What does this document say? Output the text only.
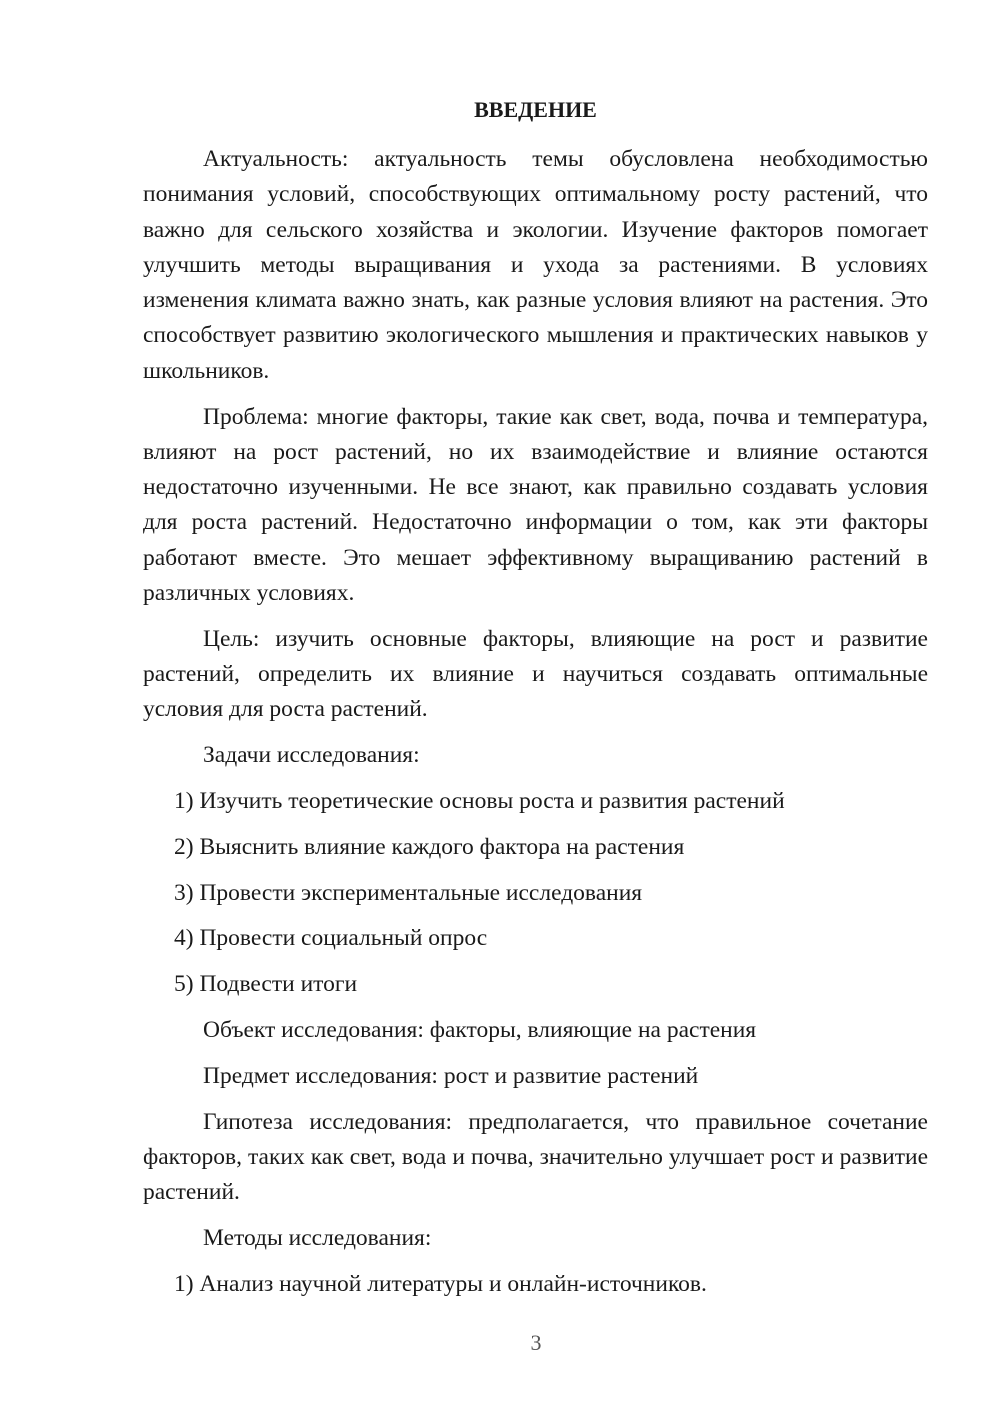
ВВЕДЕНИЕ

Актуальность: актуальность темы обусловлена необходимостью понимания условий, способствующих оптимальному росту растений, что важно для сельского хозяйства и экологии. Изучение факторов помогает улучшить методы выращивания и ухода за растениями. В условиях изменения климата важно знать, как разные условия влияют на растения. Это способствует развитию экологического мышления и практических навыков у школьников.

Проблема: многие факторы, такие как свет, вода, почва и температура, влияют на рост растений, но их взаимодействие и влияние остаются недостаточно изученными. Не все знают, как правильно создавать условия для роста растений. Недостаточно информации о том, как эти факторы работают вместе. Это мешает эффективному выращиванию растений в различных условиях.

Цель: изучить основные факторы, влияющие на рост и развитие растений, определить их влияние и научиться создавать оптимальные условия для роста растений.

Задачи исследования:
1) Изучить теоретические основы роста и развития растений
2) Выяснить влияние каждого фактора на растения
3) Провести экспериментальные исследования
4) Провести социальный опрос
5) Подвести итоги
Объект исследования: факторы, влияющие на растения
Предмет исследования: рост и развитие растений

Гипотеза исследования: предполагается, что правильное сочетание факторов, таких как свет, вода и почва, значительно улучшает рост и развитие растений.

Методы исследования:
1) Анализ научной литературы и онлайн-источников.
3
